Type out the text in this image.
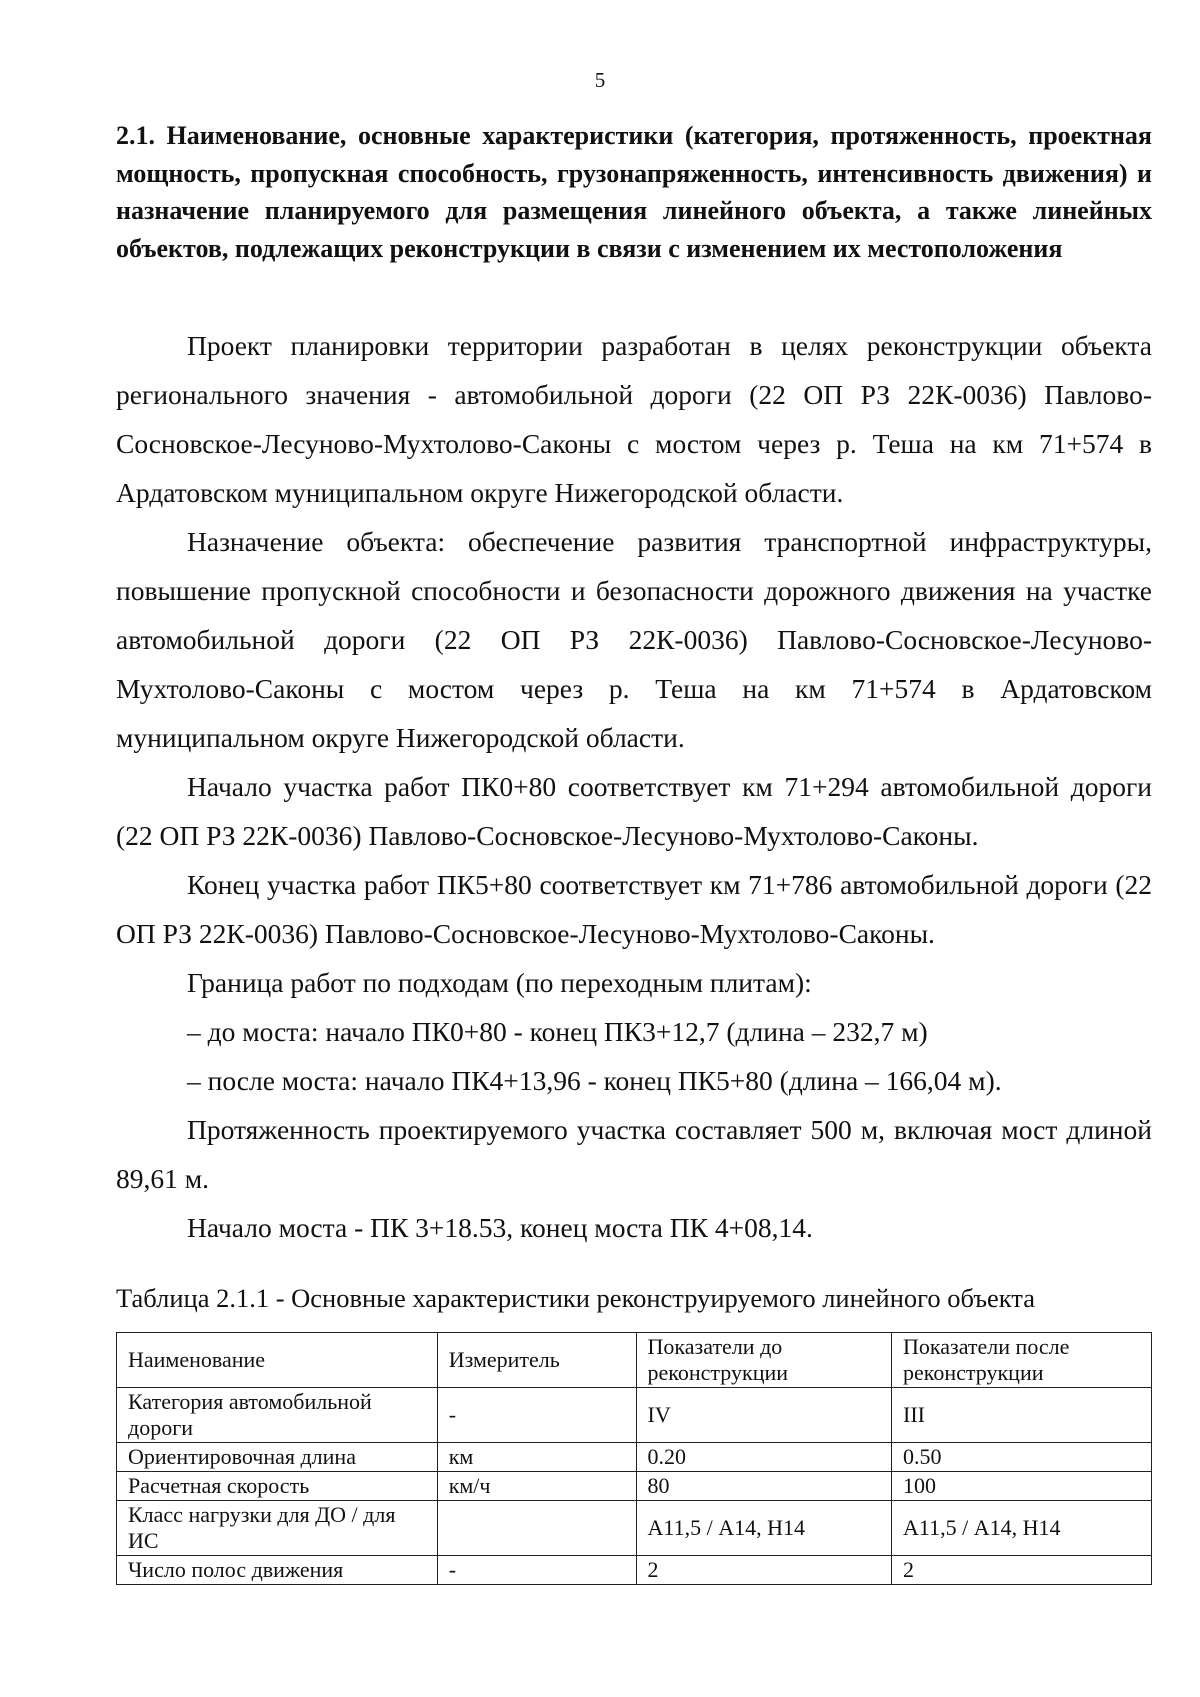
5
2.1. Наименование, основные характеристики (категория, протяженность, проектная мощность, пропускная способность, грузонапряженность, интенсивность движения) и назначение планируемого для размещения линейного объекта, а также линейных объектов, подлежащих реконструкции в связи с изменением их местоположения

Проект планировки территории разработан в целях реконструкции объекта регионального значения - автомобильной дороги (22 ОП РЗ 22К-0036) Павлово-Сосновское-Лесуново-Мухтолово-Саконы с мостом через р. Теша на км 71+574 в Ардатовском муниципальном округе Нижегородской области.

Назначение объекта: обеспечение развития транспортной инфраструктуры, повышение пропускной способности и безопасности дорожного движения на участке автомобильной дороги (22 ОП РЗ 22К-0036) Павлово-Сосновское-Лесуново-Мухтолово-Саконы с мостом через р. Теша на км 71+574 в Ардатовском муниципальном округе Нижегородской области.

Начало участка работ ПК0+80 соответствует км 71+294 автомобильной дороги (22 ОП РЗ 22К-0036) Павлово-Сосновское-Лесуново-Мухтолово-Саконы.

Конец участка работ ПК5+80 соответствует км 71+786 автомобильной дороги (22 ОП РЗ 22К-0036) Павлово-Сосновское-Лесуново-Мухтолово-Саконы.

Граница работ по подходам (по переходным плитам):

– до моста: начало ПК0+80 - конец ПК3+12,7 (длина – 232,7 м)

– после моста: начало ПК4+13,96 - конец ПК5+80 (длина – 166,04 м).

Протяженность проектируемого участка составляет 500 м, включая мост длиной 89,61 м.

Начало моста - ПК 3+18.53, конец моста ПК 4+08,14.

Таблица 2.1.1 - Основные характеристики реконструируемого линейного объекта
Наименование	Измеритель	Показатели до реконструкции	Показатели после реконструкции
Категория автомобильной дороги	-	IV	III
Ориентировочная длина	км	0.20	0.50
Расчетная скорость	км/ч	80	100
Класс нагрузки для ДО / для ИС		А11,5 / А14, Н14	А11,5 / А14, Н14
Число полос движения	-	2	2
